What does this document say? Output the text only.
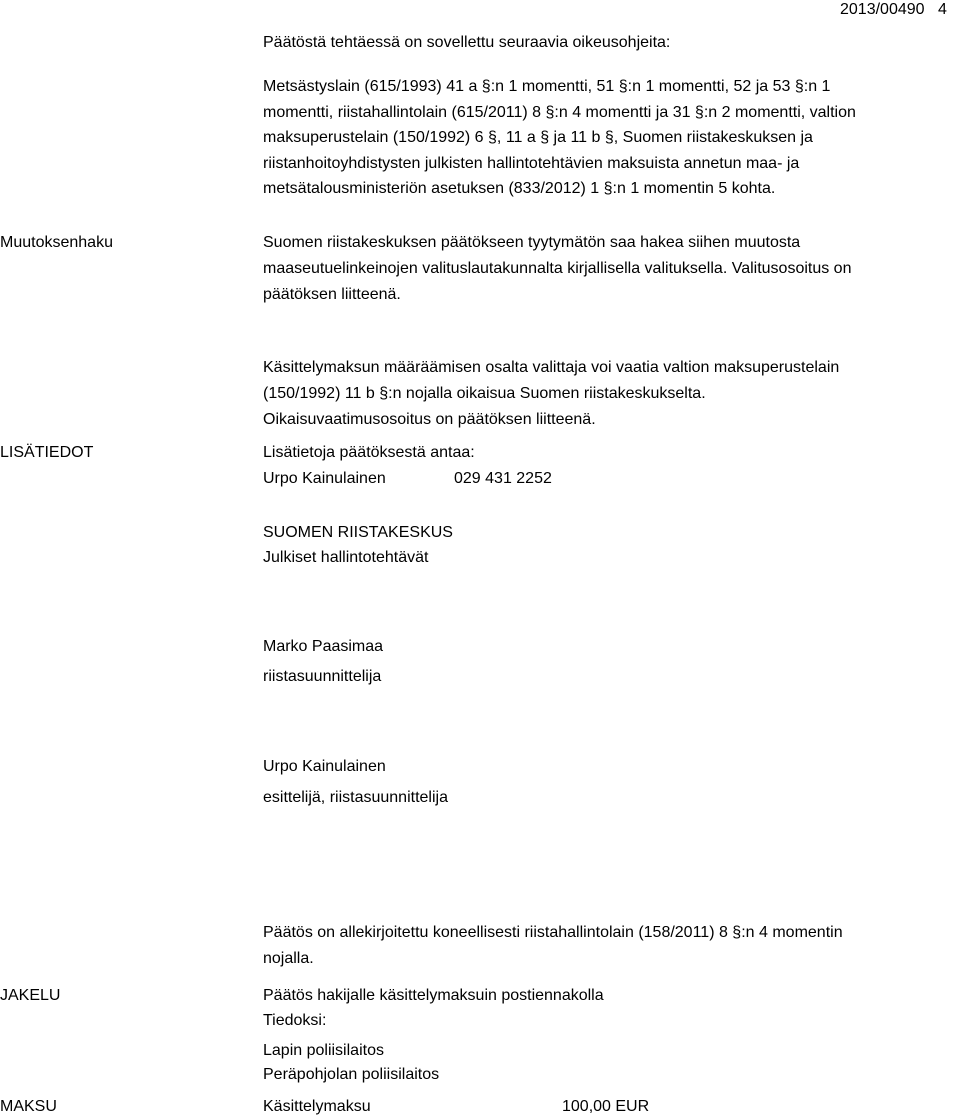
2013/00490 4
Päätöstä tehtäessä on sovellettu seuraavia oikeusohjeita:
Metsästyslain (615/1993) 41 a §:n 1 momentti, 51 §:n 1 momentti, 52 ja 53 §:n 1
momentti, riistahallintolain (615/2011) 8 §:n 4 momentti ja 31 §:n 2 momentti, valtion
maksuperustelain (150/1992) 6 §, 11 a § ja 11 b §, Suomen riistakeskuksen ja
riistanhoitoyhdistysten julkisten hallintotehtävien maksuista annetun maa- ja
metsätalousministeriön asetuksen (833/2012) 1 §:n 1 momentin 5 kohta.
Muutoksenhaku	Suomen riistakeskuksen päätökseen tyytymätön saa hakea siihen muutosta
maaseutuelinkeinojen valituslautakunnalta kirjallisella valituksella. Valitusosoitus on
päätöksen liitteenä.
Käsittelymaksun määräämisen osalta valittaja voi vaatia valtion maksuperustelain
(150/1992) 11 b §:n nojalla oikaisua Suomen riistakeskukselta.
Oikaisuvaatimusosoitus on päätöksen liitteenä.
LISÄTIEDOT	Lisätietoja päätöksestä antaa:
Urpo Kainulainen	029 431 2252
SUOMEN RIISTAKESKUS
Julkiset hallintotehtävät
Marko Paasimaa
riistasuunnittelija
Urpo Kainulainen
esittelijä, riistasuunnittelija
Päätös on allekirjoitettu koneellisesti riistahallintolain (158/2011) 8 §:n 4 momentin
nojalla.
JAKELU	Päätös hakijalle käsittelymaksuin postiennakolla
Tiedoksi:
Lapin poliisilaitos
Peräpohjolan poliisilaitos
MAKSU	Käsittelymaksu	100,00 EUR
